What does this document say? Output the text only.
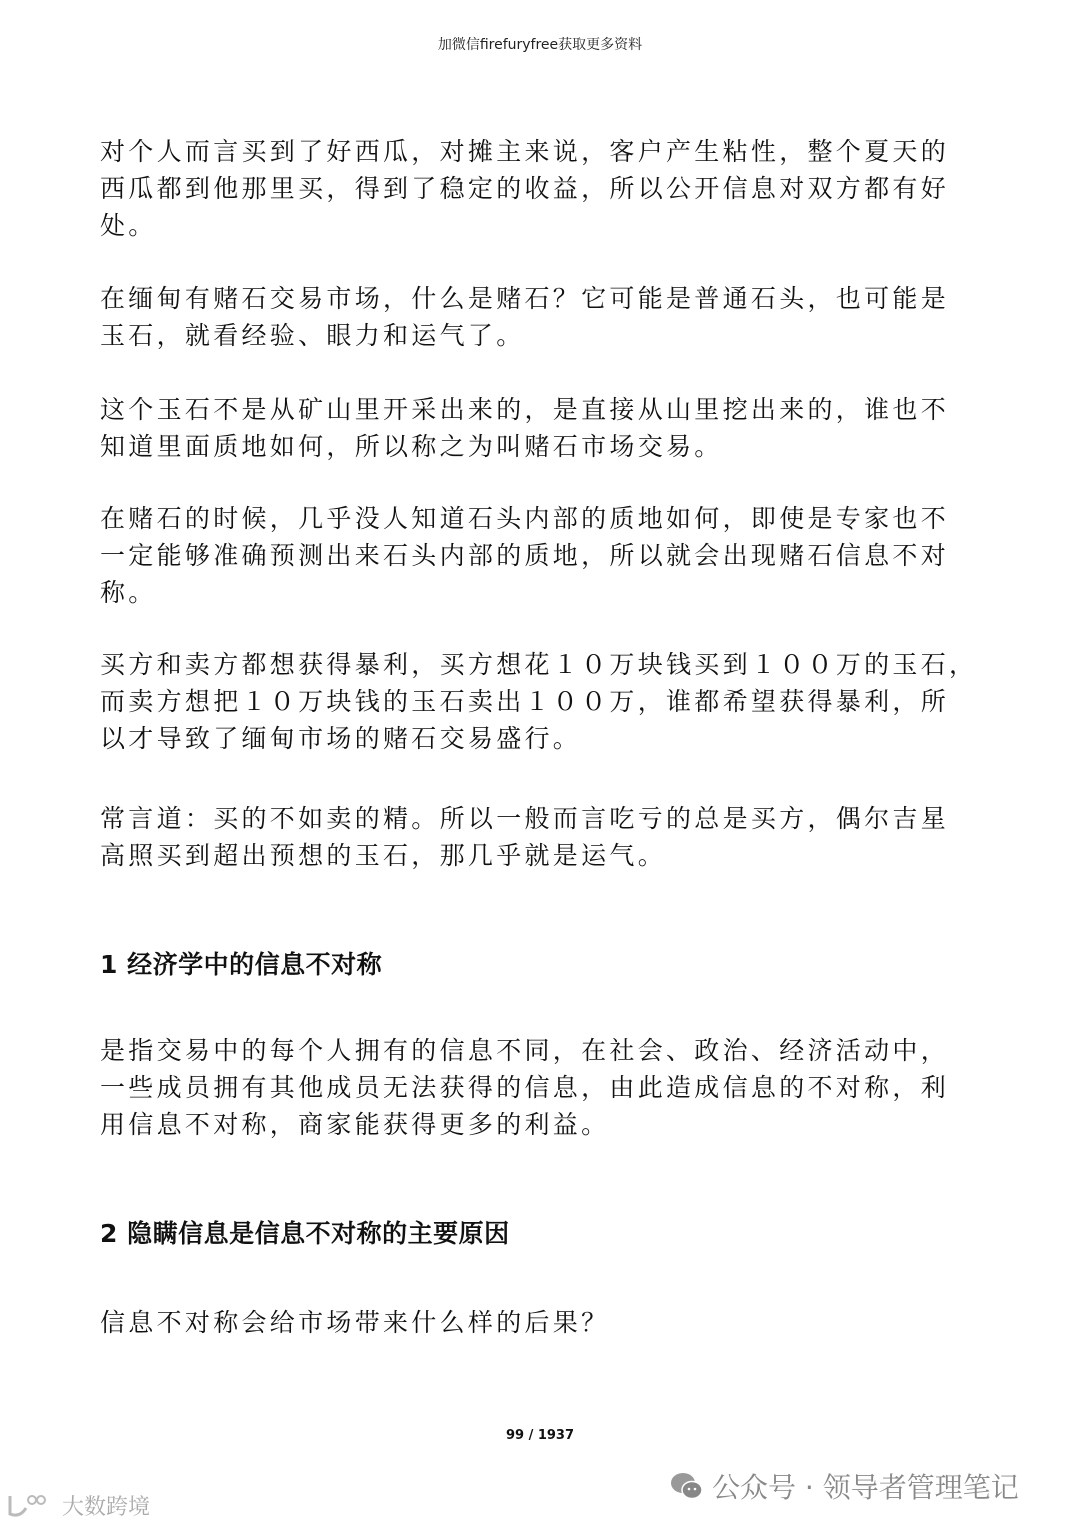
加微信firefuryfree获取更多资料
对个人而言买到了好西瓜，对摊主来说，客户产生粘性，整个夏天的
西瓜都到他那里买，得到了稳定的收益，所以公开信息对双方都有好
处。
在缅甸有赌石交易市场，什么是赌石？它可能是普通石头，也可能是
玉石，就看经验、眼力和运气了。
这个玉石不是从矿山里开采出来的，是直接从山里挖出来的，谁也不
知道里面质地如何，所以称之为叫赌石市场交易。
在赌石的时候，几乎没人知道石头内部的质地如何，即使是专家也不
一定能够准确预测出来石头内部的质地，所以就会出现赌石信息不对
称。
买方和卖方都想获得暴利，买方想花１０万块钱买到１００万的玉石，
而卖方想把１０万块钱的玉石卖出１００万，谁都希望获得暴利，所
以才导致了缅甸市场的赌石交易盛行。
常言道：买的不如卖的精。所以一般而言吃亏的总是买方，偶尔吉星
高照买到超出预想的玉石，那几乎就是运气。
1 经济学中的信息不对称
是指交易中的每个人拥有的信息不同，在社会、政治、经济活动中，
一些成员拥有其他成员无法获得的信息，由此造成信息的不对称，利
用信息不对称，商家能获得更多的利益。
2 隐瞒信息是信息不对称的主要原因
信息不对称会给市场带来什么样的后果？
99 / 1937
公众号 · 领导者管理笔记
大数跨境
